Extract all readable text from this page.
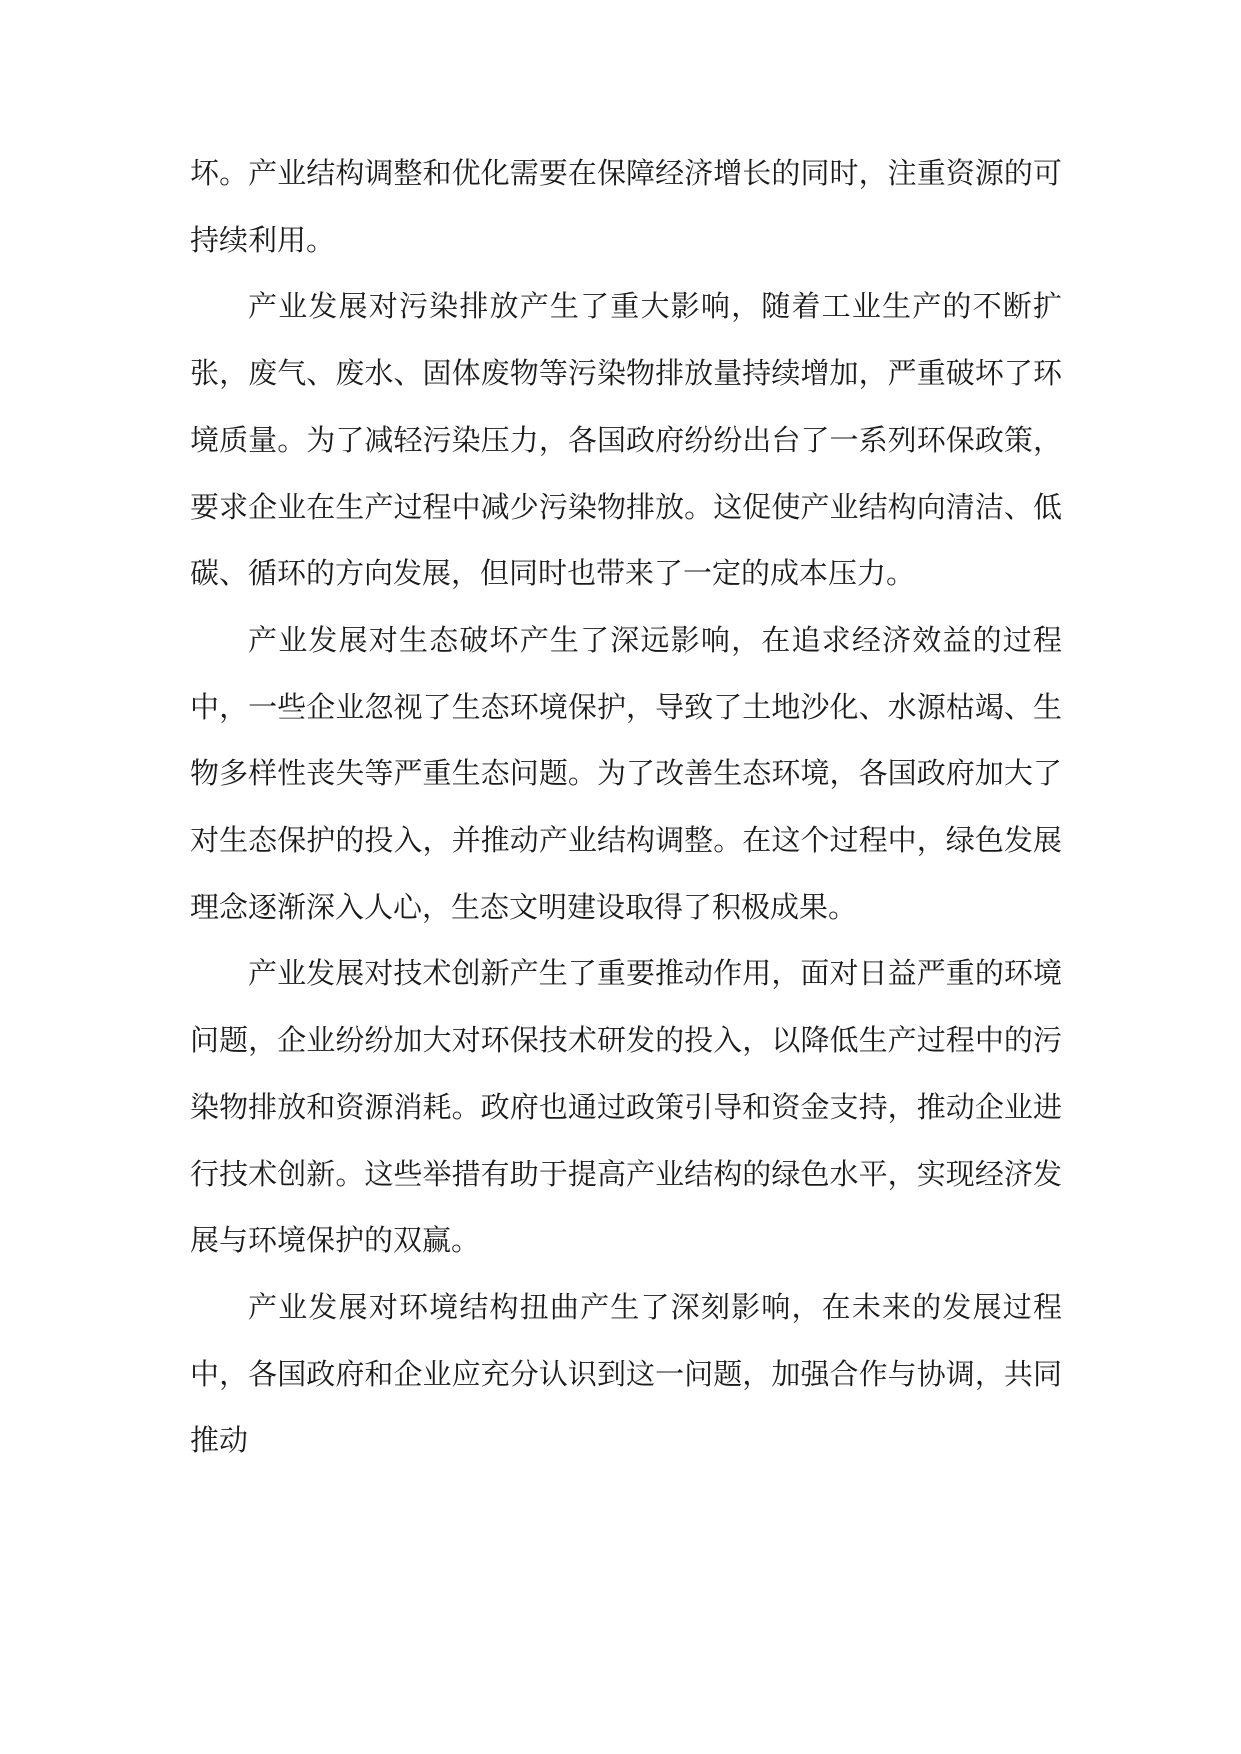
坏。产业结构调整和优化需要在保障经济增长的同时，注重资源的可持续利用。

产业发展对污染排放产生了重大影响，随着工业生产的不断扩张，废气、废水、固体废物等污染物排放量持续增加，严重破坏了环境质量。为了减轻污染压力，各国政府纷纷出台了一系列环保政策，要求企业在生产过程中减少污染物排放。这促使产业结构向清洁、低碳、循环的方向发展，但同时也带来了一定的成本压力。

产业发展对生态破坏产生了深远影响，在追求经济效益的过程中，一些企业忽视了生态环境保护，导致了土地沙化、水源枯竭、生物多样性丧失等严重生态问题。为了改善生态环境，各国政府加大了对生态保护的投入，并推动产业结构调整。在这个过程中，绿色发展理念逐渐深入人心，生态文明建设取得了积极成果。

产业发展对技术创新产生了重要推动作用，面对日益严重的环境问题，企业纷纷加大对环保技术研发的投入，以降低生产过程中的污染物排放和资源消耗。政府也通过政策引导和资金支持，推动企业进行技术创新。这些举措有助于提高产业结构的绿色水平，实现经济发展与环境保护的双赢。

产业发展对环境结构扭曲产生了深刻影响，在未来的发展过程中，各国政府和企业应充分认识到这一问题，加强合作与协调，共同推动
